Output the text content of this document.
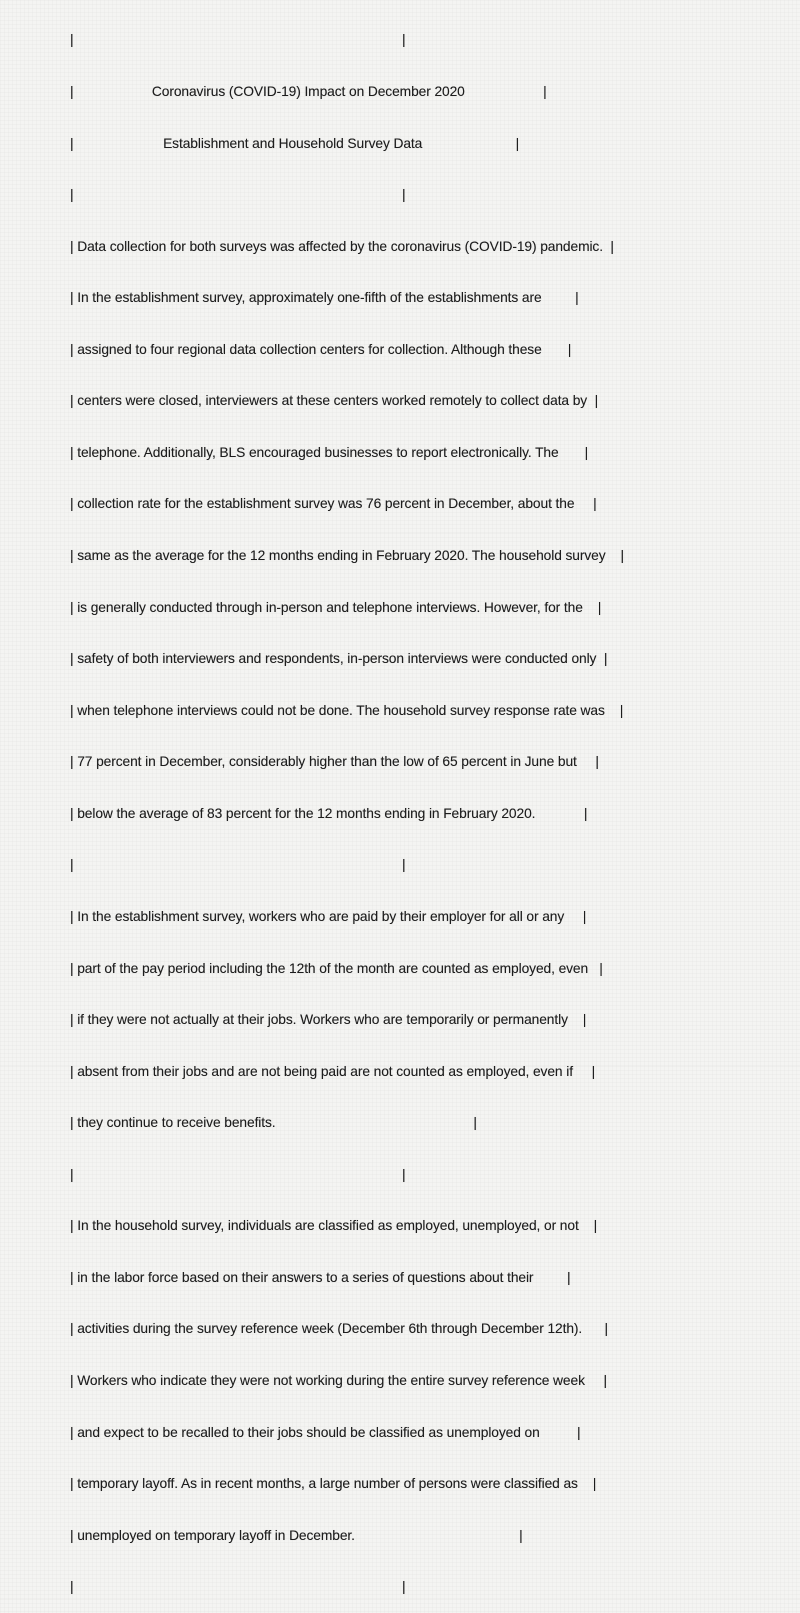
|                                                                                        |

|                     Coronavirus (COVID-19) Impact on December 2020                     |

|                        Establishment and Household Survey Data                         |

|                                                                                        |

| Data collection for both surveys was affected by the coronavirus (COVID-19) pandemic.  |

| In the establishment survey, approximately one-fifth of the establishments are         |

| assigned to four regional data collection centers for collection. Although these       |

| centers were closed, interviewers at these centers worked remotely to collect data by  |

| telephone. Additionally, BLS encouraged businesses to report electronically. The       |

| collection rate for the establishment survey was 76 percent in December, about the     |

| same as the average for the 12 months ending in February 2020. The household survey    |

| is generally conducted through in-person and telephone interviews. However, for the    |

| safety of both interviewers and respondents, in-person interviews were conducted only  |

| when telephone interviews could not be done. The household survey response rate was    |

| 77 percent in December, considerably higher than the low of 65 percent in June but     |

| below the average of 83 percent for the 12 months ending in February 2020.             |

|                                                                                        |

| In the establishment survey, workers who are paid by their employer for all or any     |

| part of the pay period including the 12th of the month are counted as employed, even   |

| if they were not actually at their jobs. Workers who are temporarily or permanently    |

| absent from their jobs and are not being paid are not counted as employed, even if     |

| they continue to receive benefits.                                                     |

|                                                                                        |

| In the household survey, individuals are classified as employed, unemployed, or not    |

| in the labor force based on their answers to a series of questions about their         |

| activities during the survey reference week (December 6th through December 12th).      |

| Workers who indicate they were not working during the entire survey reference week     |

| and expect to be recalled to their jobs should be classified as unemployed on          |

| temporary layoff. As in recent months, a large number of persons were classified as    |

| unemployed on temporary layoff in December.                                            |

|                                                                                        |
